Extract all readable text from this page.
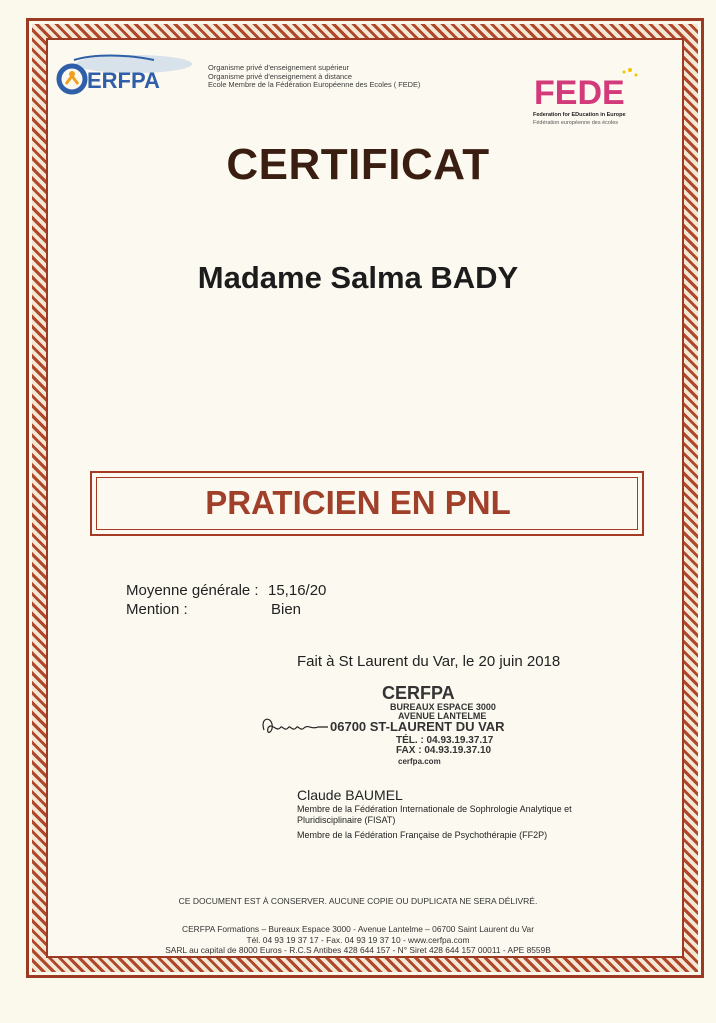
ERFPA
Organisme privé d'enseignement supérieur
Organisme privé d'enseignement à distance
Ecole Membre de la Fédération Européenne des Ecoles ( FEDE)	FEDE
Federation for EDucation in Europe
Fédération européenne des écoles
CERTIFICAT
Madame Salma BADY
PRATICIEN EN PNL
Moyenne générale : 15,16/20
Mention :	Bien
Fait à St Laurent du Var, le 20 juin 2018
CERFPA
BUREAUX ESPACE 3000
AVENUE LANTELME
06700 ST-LAURENT DU VAR
TÉL. : 04.93.19.37.17
FAX : 04.93.19.37.10
cerfpa.com
Claude BAUMEL
Membre de la Fédération Internationale de Sophrologie Analytique et
Pluridisciplinaire (FISAT)
Membre de la Fédération Française de Psychothérapie (FF2P)
CE DOCUMENT EST À CONSERVER. AUCUNE COPIE OU DUPLICATA NE SERA DÉLIVRÉ.
CERFPA Formations – Bureaux Espace 3000 - Avenue Lantelme – 06700 Saint Laurent du Var
Tél. 04 93 19 37 17 - Fax. 04 93 19 37 10 - www.cerfpa.com
SARL au capital de 8000 Euros - R.C.S Antibes 428 644 157 - N° Siret 428 644 157 00011 - APE 8559B
